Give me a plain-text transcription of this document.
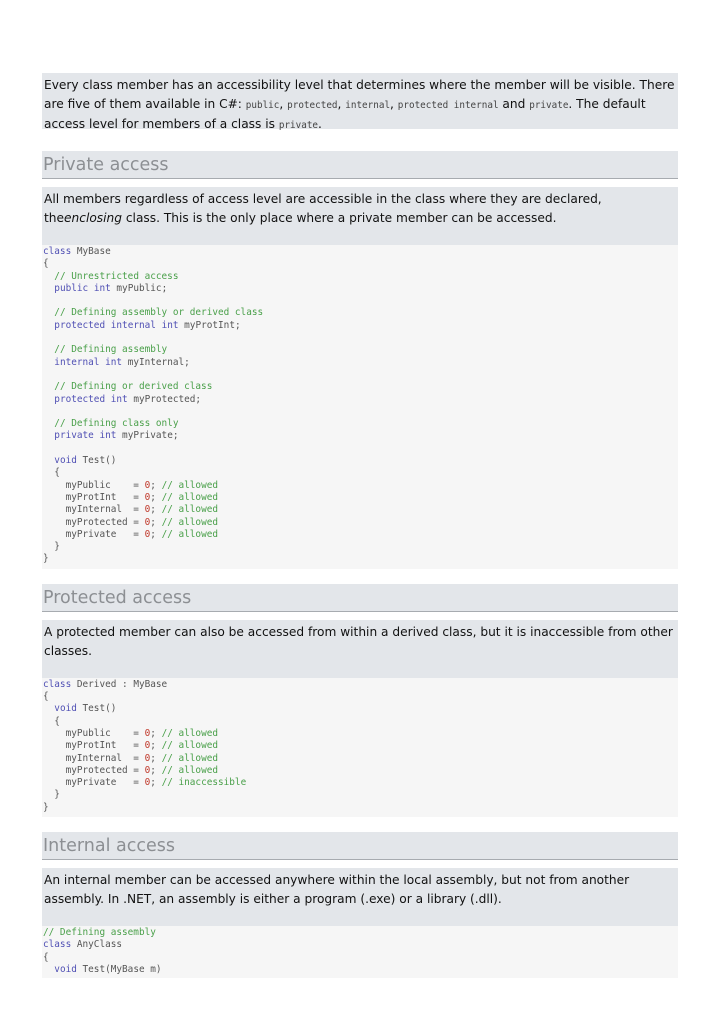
Every class member has an accessibility level that determines where the member will be visible. There are five of them available in C#: public, protected, internal, protected internal and private. The default access level for members of a class is private.
Private access
All members regardless of access level are accessible in the class where they are declared, theenclosing class. This is the only place where a private member can be accessed.
class MyBase
{
// Unrestricted access
public int myPublic;

// Defining assembly or derived class
protected internal int myProtInt;

// Defining assembly
internal int myInternal;

// Defining or derived class
protected int myProtected;

// Defining class only
private int myPrivate;

void Test()
{
myPublic    = 0; // allowed
myProtInt   = 0; // allowed
myInternal  = 0; // allowed
myProtected = 0; // allowed
myPrivate   = 0; // allowed
}
}
Protected access
A protected member can also be accessed from within a derived class, but it is inaccessible from other classes.
class Derived : MyBase
{
void Test()
{
myPublic    = 0; // allowed
myProtInt   = 0; // allowed
myInternal  = 0; // allowed
myProtected = 0; // allowed
myPrivate   = 0; // inaccessible
}
}
Internal access
An internal member can be accessed anywhere within the local assembly, but not from another assembly. In .NET, an assembly is either a program (.exe) or a library (.dll).
// Defining assembly
class AnyClass
{
void Test(MyBase m)
